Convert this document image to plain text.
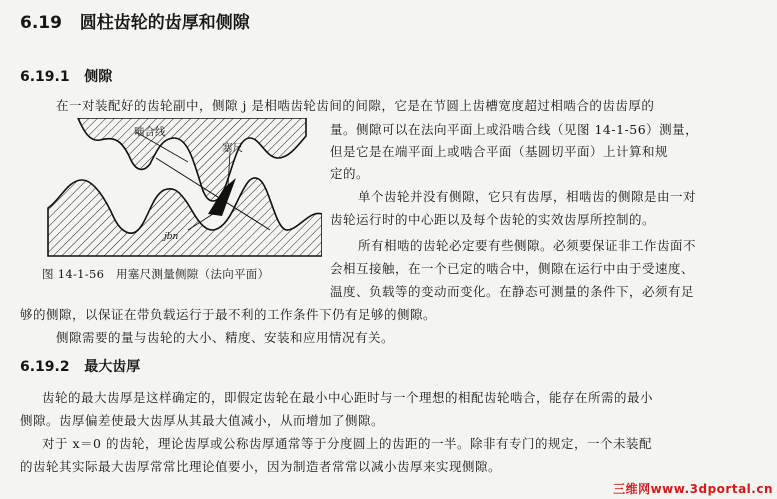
6.19 圆柱齿轮的齿厚和侧隙
6.19.1 侧隙
在一对装配好的齿轮副中，侧隙 j 是相啮齿轮齿间的间隙，它是在节圆上齿槽宽度超过相啮合的齿齿厚的
量。侧隙可以在法向平面上或沿啮合线（见图 14-1-56）测量，
但是它是在端平面上或啮合平面（基圆切平面）上计算和规
定的。
单个齿轮并没有侧隙，它只有齿厚，相啮齿的侧隙是由一对
齿轮运行时的中心距以及每个齿轮的实效齿厚所控制的。
所有相啮的齿轮必定要有些侧隙。必须要保证非工作齿面不
会相互接触，在一个已定的啮合中，侧隙在运行中由于受速度、
温度、负载等的变动而变化。在静态可测量的条件下，必须有足
够的侧隙，以保证在带负载运行于最不利的工作条件下仍有足够的侧隙。
侧隙需要的量与齿轮的大小、精度、安装和应用情况有关。
啮合线
塞尺
jbn
图 14-1-56　用塞尺测量侧隙（法向平面）
6.19.2 最大齿厚
齿轮的最大齿厚是这样确定的，即假定齿轮在最小中心距时与一个理想的相配齿轮啮合，能存在所需的最小
侧隙。齿厚偏差使最大齿厚从其最大值减小，从而增加了侧隙。
对于 x＝0 的齿轮，理论齿厚或公称齿厚通常等于分度圆上的齿距的一半。除非有专门的规定，一个未装配
的齿轮其实际最大齿厚常常比理论值要小，因为制造者常常以减小齿厚来实现侧隙。
三维网www.3dportal.cn
